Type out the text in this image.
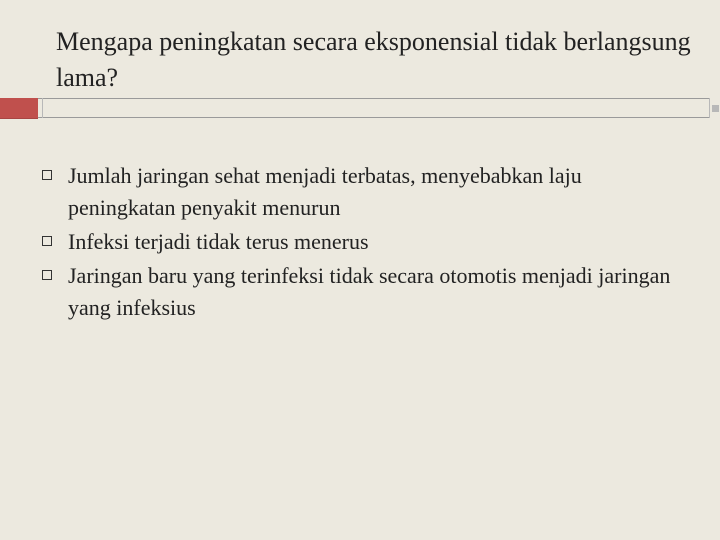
Mengapa peningkatan secara eksponensial tidak berlangsung lama?
Jumlah jaringan sehat menjadi terbatas, menyebabkan laju peningkatan penyakit menurun
Infeksi terjadi tidak terus menerus
Jaringan baru yang terinfeksi tidak secara otomotis menjadi jaringan yang infeksius
